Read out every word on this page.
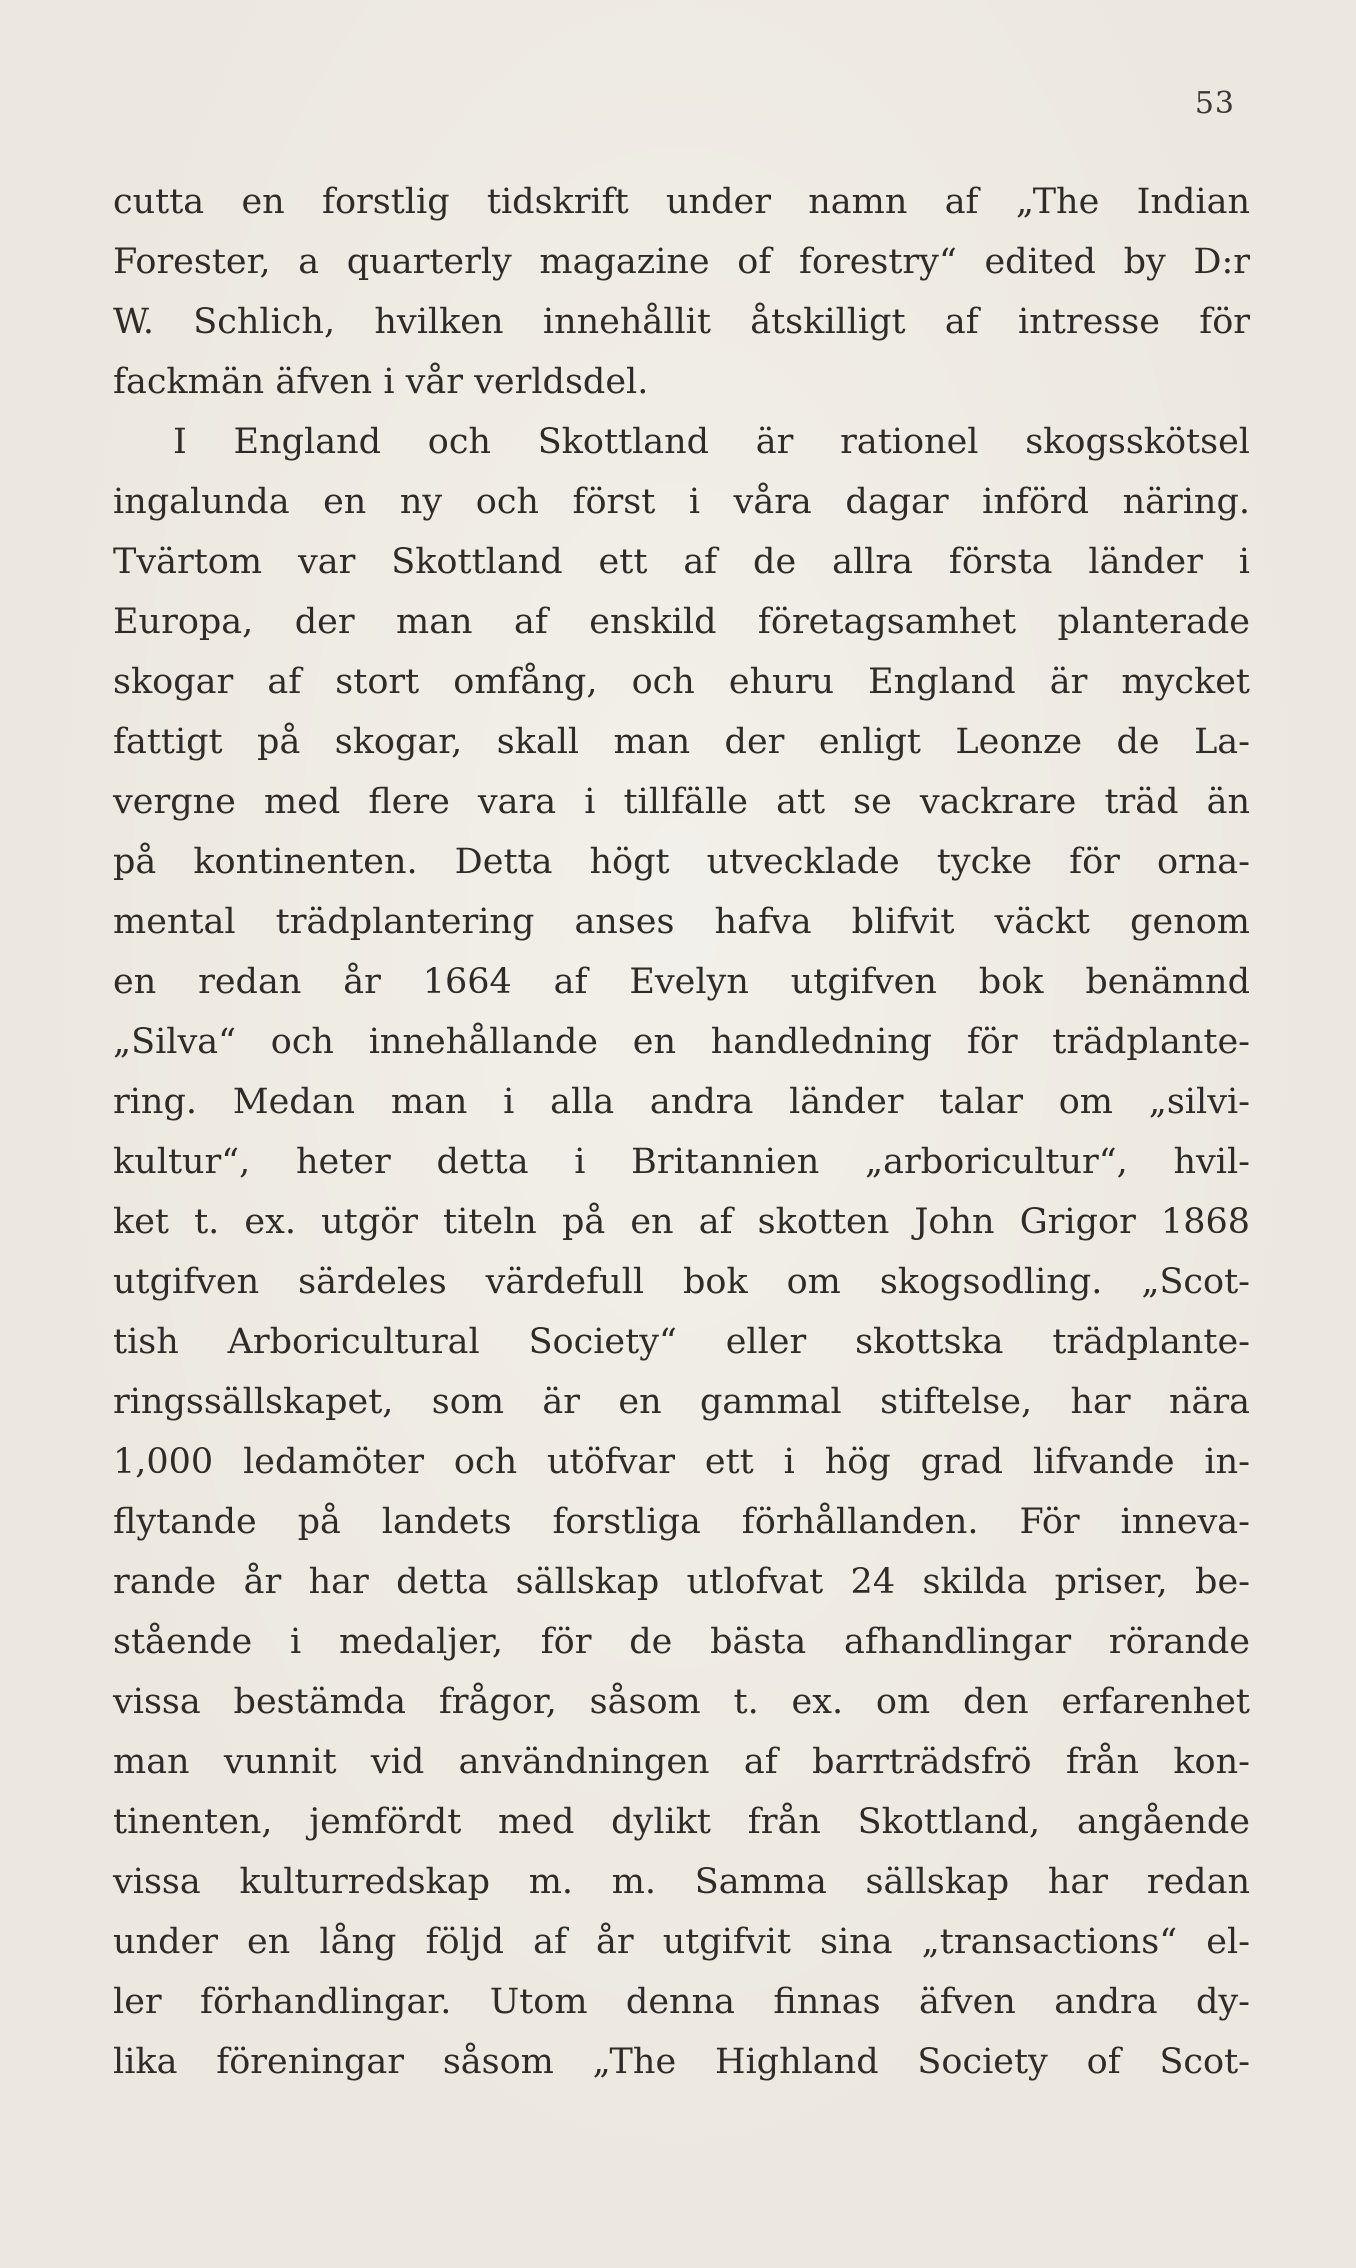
53
cutta en forstlig tidskrift under namn af „The Indian
Forester, a quarterly magazine of forestry“ edited by D:r
W. Schlich, hvilken innehållit åtskilligt af intresse för
fackmän äfven i vår verldsdel.
I England och Skottland är rationel skogsskötsel
ingalunda en ny och först i våra dagar införd näring.
Tvärtom var Skottland ett af de allra första länder i
Europa, der man af enskild företagsamhet planterade
skogar af stort omfång, och ehuru England är mycket
fattigt på skogar, skall man der enligt Leonze de La-
vergne med flere vara i tillfälle att se vackrare träd än
på kontinenten. Detta högt utvecklade tycke för orna-
mental trädplantering anses hafva blifvit väckt genom
en redan år 1664 af Evelyn utgifven bok benämnd
„Silva“ och innehållande en handledning för trädplante-
ring. Medan man i alla andra länder talar om „silvi-
kultur“, heter detta i Britannien „arboricultur“, hvil-
ket t. ex. utgör titeln på en af skotten John Grigor 1868
utgifven särdeles värdefull bok om skogsodling. „Scot-
tish Arboricultural Society“ eller skottska trädplante-
ringssällskapet, som är en gammal stiftelse, har nära
1,000 ledamöter och utöfvar ett i hög grad lifvande in-
flytande på landets forstliga förhållanden. För inneva-
rande år har detta sällskap utlofvat 24 skilda priser, be-
stående i medaljer, för de bästa afhandlingar rörande
vissa bestämda frågor, såsom t. ex. om den erfarenhet
man vunnit vid användningen af barrträdsfrö från kon-
tinenten, jemfördt med dylikt från Skottland, angående
vissa kulturredskap m. m. Samma sällskap har redan
under en lång följd af år utgifvit sina „transactions“ el-
ler förhandlingar. Utom denna finnas äfven andra dy-
lika föreningar såsom „The Highland Society of Scot-
